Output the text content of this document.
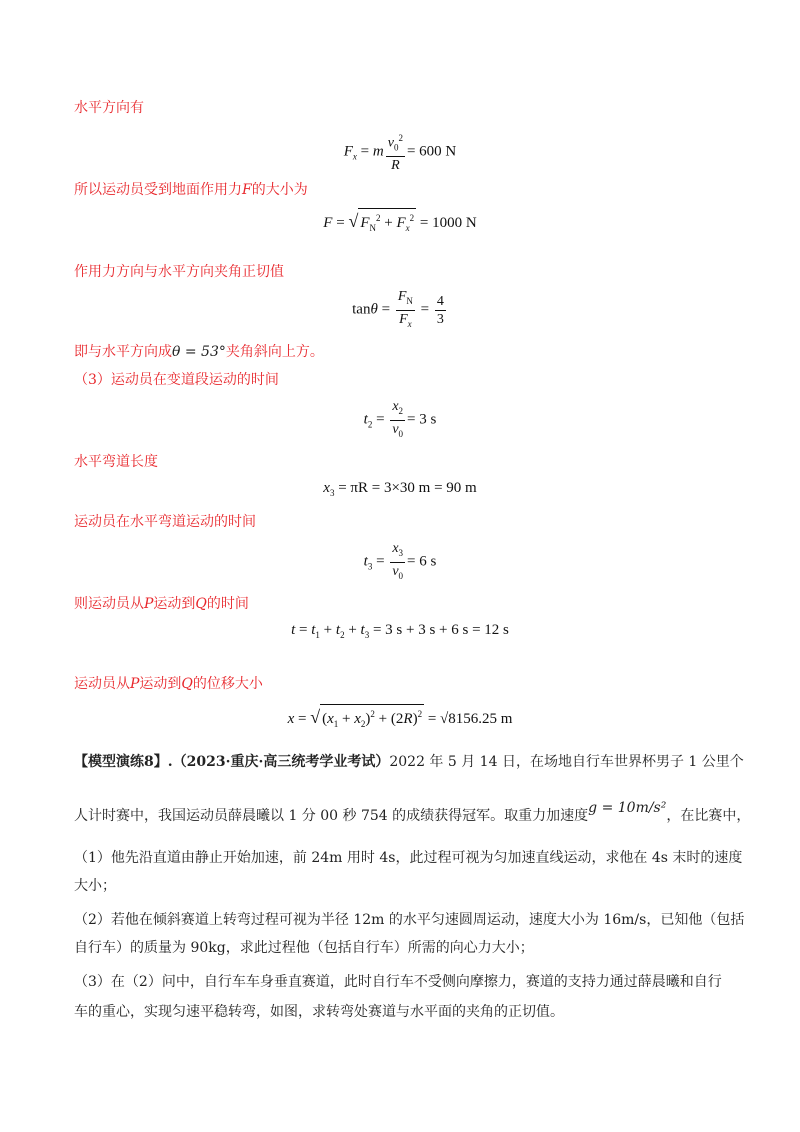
水平方向有
$F_x = m \frac{v_0^2}{R} = 600$ N
所以运动员受到地面作用力F的大小为
F = √ $F_N^2 + F_x^2 = 1000$ N
作用力方向与水平方向夹角正切值
$\tan\theta = \frac{F_N}{F_x} = \frac{4}{3}$
即与水平方向成θ = 53°夹角斜向上方。
（3）运动员在变道段运动的时间
$t_2 = \frac{x_2}{v_0} = 3$ s
水平弯道长度
$x_3 = \pi R = 3\times 30$ m = 90 m
运动员在水平弯道运动的时间
$t_3 = \frac{x_3}{v_0} = 6$ s
则运动员从P运动到Q的时间
$t = t_1 + t_2 + t_3 = 3$ s + 3 s + 6 s = 12 s
运动员从P运动到Q的位移大小
x = √ $(x_1 + x_2)^2 + (2R)^2 = √8156.25$ m
【模型演练8】.（2023·重庆·高三统考学业考试）2022 年 5 月 14 日，在场地自行车世界杯男子 1 公里个
人计时赛中，我国运动员薛晨曦以 1 分 00 秒 754 的成绩获得冠军。取重力加速度g = 10m/s²，在比赛中，
（1）他先沿直道由静止开始加速，前 24m 用时 4s，此过程可视为匀加速直线运动，求他在 4s 末时的速度
大小；
（2）若他在倾斜赛道上转弯过程可视为半径 12m 的水平匀速圆周运动，速度大小为 16m/s，已知他（包括
自行车）的质量为 90kg，求此过程他（包括自行车）所需的向心力大小；
（3）在（2）问中，自行车车身垂直赛道，此时自行车不受侧向摩擦力，赛道的支持力通过薛晨曦和自行
车的重心，实现匀速平稳转弯，如图，求转弯处赛道与水平面的夹角的正切值。
